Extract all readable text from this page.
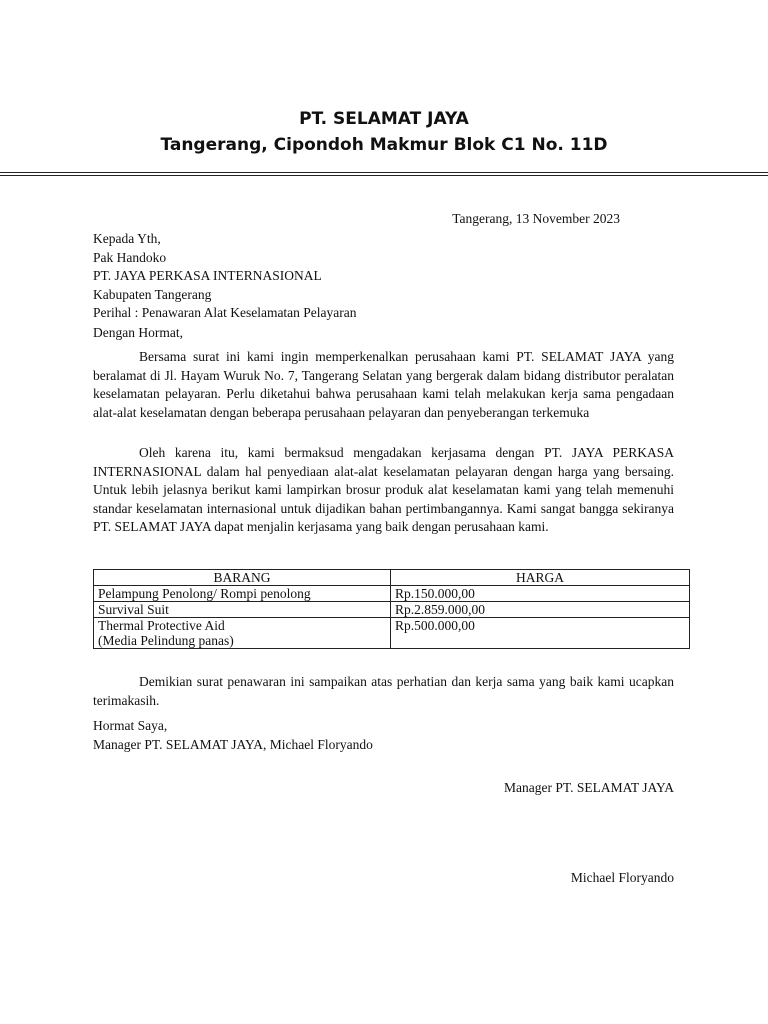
PT. SELAMAT JAYA
Tangerang, Cipondoh Makmur Blok C1 No. 11D
Tangerang, 13 November 2023
Kepada Yth,
Pak Handoko
PT. JAYA PERKASA INTERNASIONAL
Kabupaten Tangerang
Perihal : Penawaran Alat Keselamatan Pelayaran
Dengan Hormat,

Bersama surat ini kami ingin memperkenalkan perusahaan kami PT. SELAMAT JAYA yang beralamat di Jl. Hayam Wuruk No. 7, Tangerang Selatan yang bergerak dalam bidang distributor peralatan keselamatan pelayaran. Perlu diketahui bahwa perusahaan kami telah melakukan kerja sama pengadaan alat-alat keselamatan dengan beberapa perusahaan pelayaran dan penyeberangan terkemuka

Oleh karena itu, kami bermaksud mengadakan kerjasama dengan PT. JAYA PERKASA INTERNASIONAL dalam hal penyediaan alat-alat keselamatan pelayaran dengan harga yang bersaing. Untuk lebih jelasnya berikut kami lampirkan brosur produk alat keselamatan kami yang telah memenuhi standar keselamatan internasional untuk dijadikan bahan pertimbangannya. Kami sangat bangga sekiranya PT. SELAMAT JAYA dapat menjalin kerjasama yang baik dengan perusahaan kami.

BARANG	HARGA
Pelampung Penolong/ Rompi penolong	Rp.150.000,00
Survival Suit	Rp.2.859.000,00

Thermal Protective Aid
(Media Pelindung panas)	Rp.500.000,00

Demikian surat penawaran ini sampaikan atas perhatian dan kerja sama yang baik kami ucapkan terimakasih.

Hormat Saya,
Manager PT. SELAMAT JAYA, Michael Floryando
Manager PT. SELAMAT JAYA
Michael Floryando
